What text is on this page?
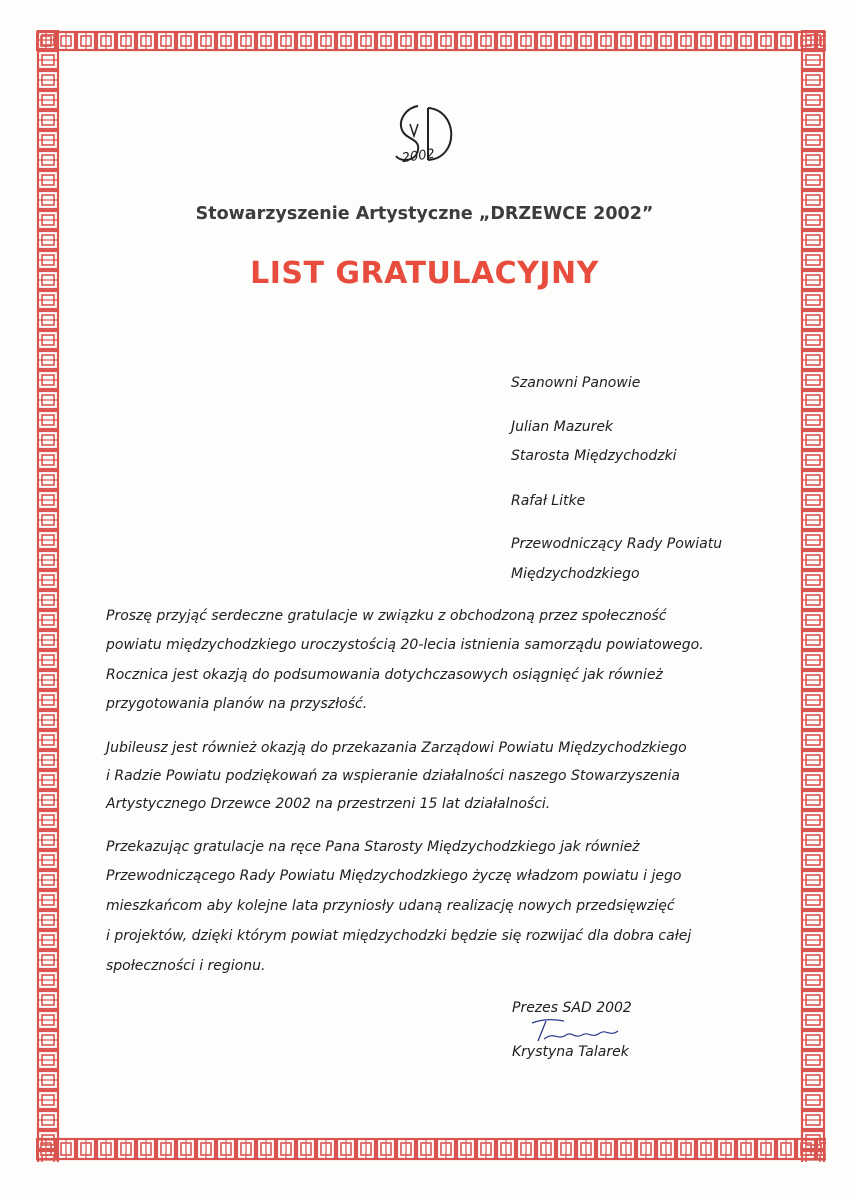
2002
Stowarzyszenie Artystyczne „DRZEWCE 2002”
LIST GRATULACYJNY
Szanowni Panowie
Julian Mazurek
Starosta Międzychodzki
Rafał Litke
Przewodniczący Rady Powiatu
Międzychodzkiego
Proszę przyjąć serdeczne gratulacje w związku z obchodzoną przez społeczność
powiatu międzychodzkiego uroczystością 20-lecia istnienia samorządu powiatowego.
Rocznica jest okazją do podsumowania dotychczasowych osiągnięć jak również
przygotowania planów na przyszłość.
Jubileusz jest również okazją do przekazania Zarządowi Powiatu Międzychodzkiego
i Radzie Powiatu podziękowań za wspieranie działalności naszego Stowarzyszenia
Artystycznego Drzewce 2002 na przestrzeni 15 lat działalności.
Przekazując gratulacje na ręce Pana Starosty Międzychodzkiego jak również
Przewodniczącego Rady Powiatu Międzychodzkiego życzę władzom powiatu i jego
mieszkańcom aby kolejne lata przyniosły udaną realizację nowych przedsięwzięć
i projektów, dzięki którym powiat międzychodzki będzie się rozwijać dla dobra całej
społeczności i regionu.
Prezes SAD 2002
Krystyna Talarek
